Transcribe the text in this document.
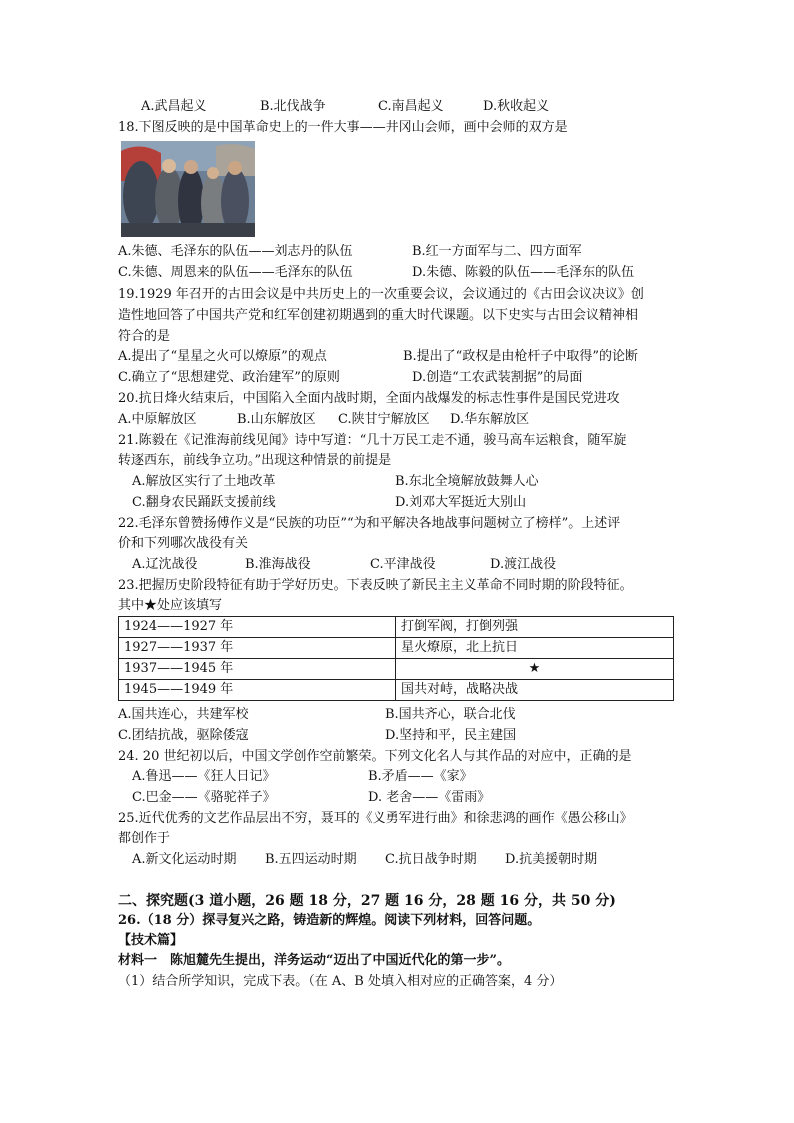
A.武昌起义	B.北伐战争	C.南昌起义	D.秋收起义
18.下图反映的是中国革命史上的一件大事——井冈山会师，画中会师的双方是
A.朱德、毛泽东的队伍——刘志丹的队伍	B.红一方面军与二、四方面军
C.朱德、周恩来的队伍——毛泽东的队伍	D.朱德、陈毅的队伍——毛泽东的队伍
19.1929 年召开的古田会议是中共历史上的一次重要会议，会议通过的《古田会议决议》创
造性地回答了中国共产党和红军创建初期遇到的重大时代课题。以下史实与古田会议精神相
符合的是
A.提出了“星星之火可以燎原”的观点	B.提出了“政权是由枪杆子中取得”的论断
C.确立了“思想建党、政治建军”的原则	D.创造“工农武装割据”的局面
20.抗日烽火结束后，中国陷入全面内战时期，全面内战爆发的标志性事件是国民党进攻
A.中原解放区	B.山东解放区 C.陕甘宁解放区 D.华东解放区
21.陈毅在《记淮海前线见闻》诗中写道：“几十万民工走不通，骏马高车运粮食，随军旋
转逐西东，前线争立功。”出现这种情景的前提是
A.解放区实行了土地改革	B.东北全境解放鼓舞人心
C.翻身农民踊跃支援前线	D.刘邓大军挺近大别山
22.毛泽东曾赞扬傅作义是“民族的功臣”“为和平解决各地战事问题树立了榜样”。上述评
价和下列哪次战役有关
A.辽沈战役	B.淮海战役	C.平津战役	D.渡江战役
23.把握历史阶段特征有助于学好历史。下表反映了新民主主义革命不同时期的阶段特征。
其中★处应该填写
1924——1927 年	打倒军阀，打倒列强
1927——1937 年	星火燎原，北上抗日
1937——1945 年	★
1945——1949 年	国共对峙，战略决战
A.国共连心，共建军校	B.国共齐心，联合北伐
C.团结抗战，驱除倭寇	D.坚持和平，民主建国
24. 20 世纪初以后，中国文学创作空前繁荣。下列文化名人与其作品的对应中，正确的是
A.鲁迅——《狂人日记》	B.矛盾——《家》
C.巴金——《骆驼祥子》	D. 老舍——《雷雨》
25.近代优秀的文艺作品层出不穷，聂耳的《义勇军进行曲》和徐悲鸿的画作《愚公移山》
都创作于
A.新文化运动时期 B.五四运动时期 C.抗日战争时期 D.抗美援朝时期
二、探究题(3 道小题，26 题 18 分，27 题 16 分，28 题 16 分，共 50 分)
26.（18 分）探寻复兴之路，铸造新的辉煌。阅读下列材料，回答问题。
【技术篇】
材料一　陈旭麓先生提出，洋务运动“迈出了中国近代化的第一步”。
（1）结合所学知识，完成下表。（在 A、B 处填入相对应的正确答案，4 分）
